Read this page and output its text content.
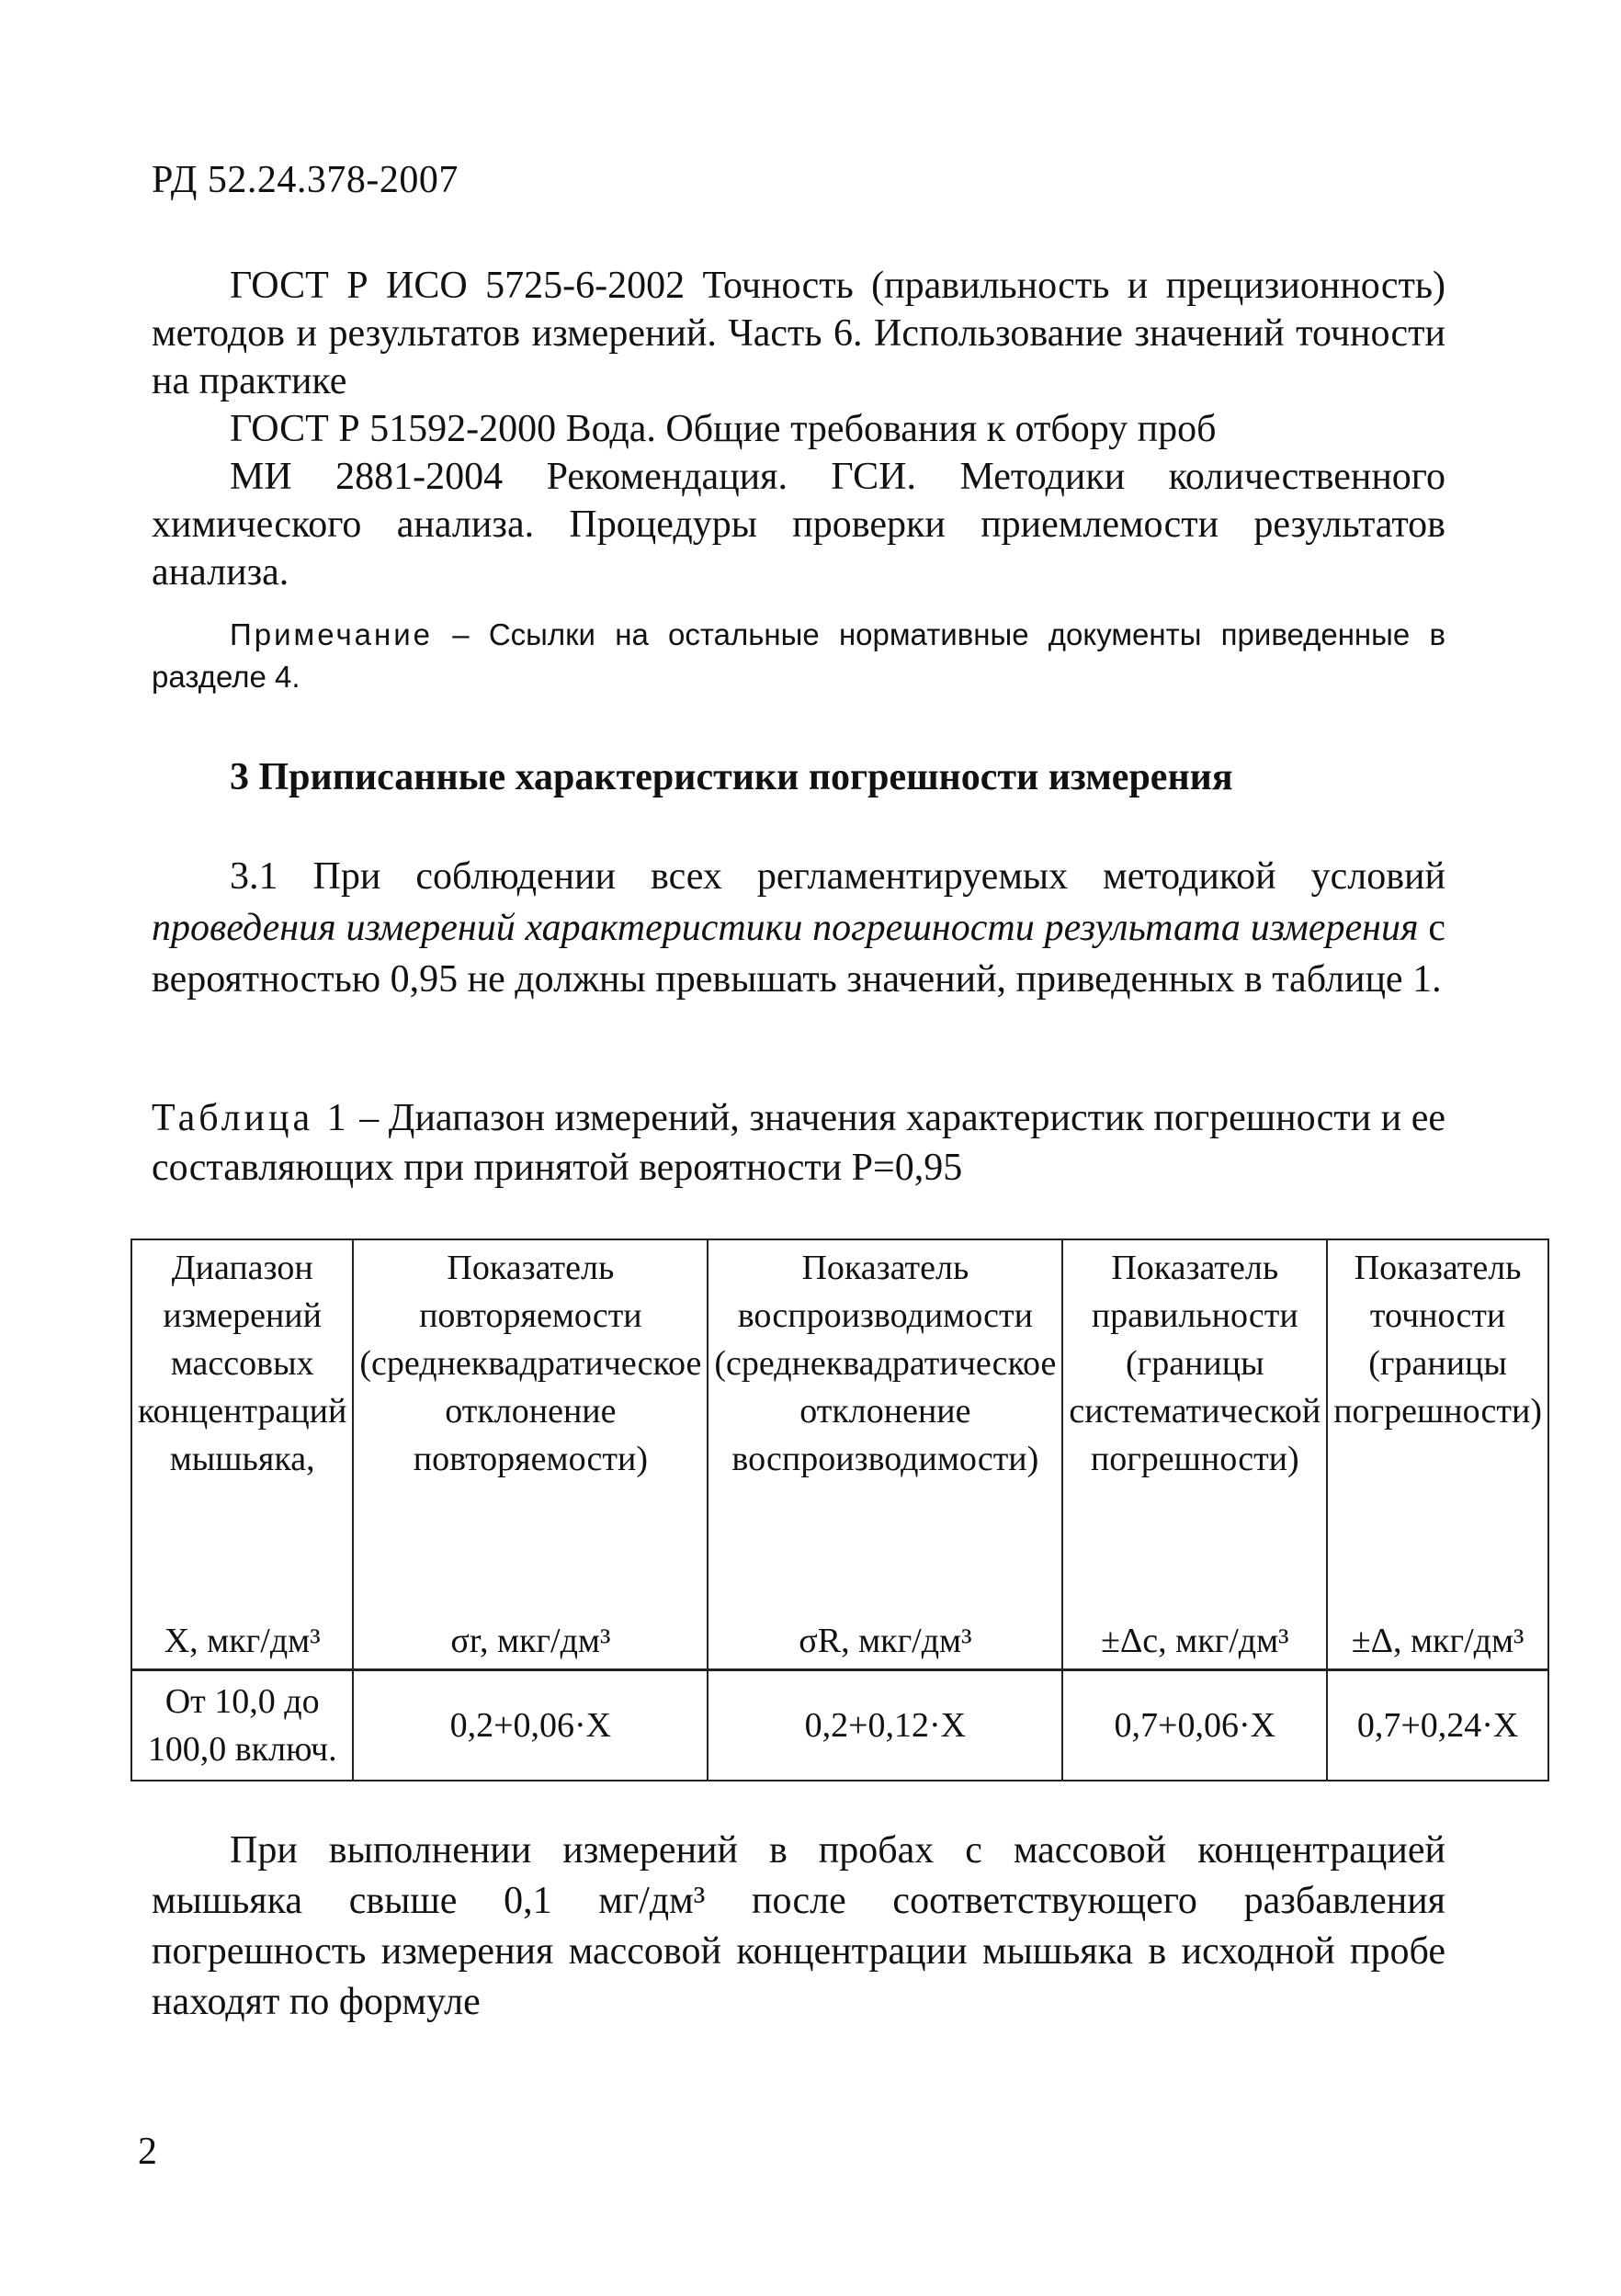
РД 52.24.378-2007

ГОСТ Р ИСО 5725-6-2002 Точность (правильность и прецизионность) методов и результатов измерений. Часть 6. Использование значений точности на практике

ГОСТ Р 51592-2000 Вода. Общие требования к отбору проб

МИ 2881-2004 Рекомендация. ГСИ. Методики количественного химического анализа. Процедуры проверки приемлемости результатов анализа.

Примечание – Ссылки на остальные нормативные документы приведенные в разделе 4.
3 Приписанные характеристики погрешности измерения

3.1 При соблюдении всех регламентируемых методикой условий проведения измерений характеристики погрешности результата измерения с вероятностью 0,95 не должны превышать значений, приведенных в таблице 1.

Таблица 1 – Диапазон измерений, значения характеристик погрешности и ее составляющих при принятой вероятности Р=0,95

Диапазон измерений массовых концентраций мышьяка,	Показатель повторяемости (среднеквадратическое отклонение повторяемости)	Показатель воспроизводимости (среднеквадратическое отклонение воспроизводимости)	Показатель правильности (границы систематической погрешности)	Показатель точности (границы погрешности)
X, мкг/дм³	σr, мкг/дм³	σR, мкг/дм³	±Δc, мкг/дм³	±Δ, мкг/дм³
От 10,0 до 100,0 включ.	0,2+0,06·X	0,2+0,12·X	0,7+0,06·X	0,7+0,24·X

При выполнении измерений в пробах с массовой концентрацией мышьяка свыше 0,1 мг/дм³ после соответствующего разбавления погрешность измерения массовой концентрации мышьяка в исходной пробе находят по формуле

2
